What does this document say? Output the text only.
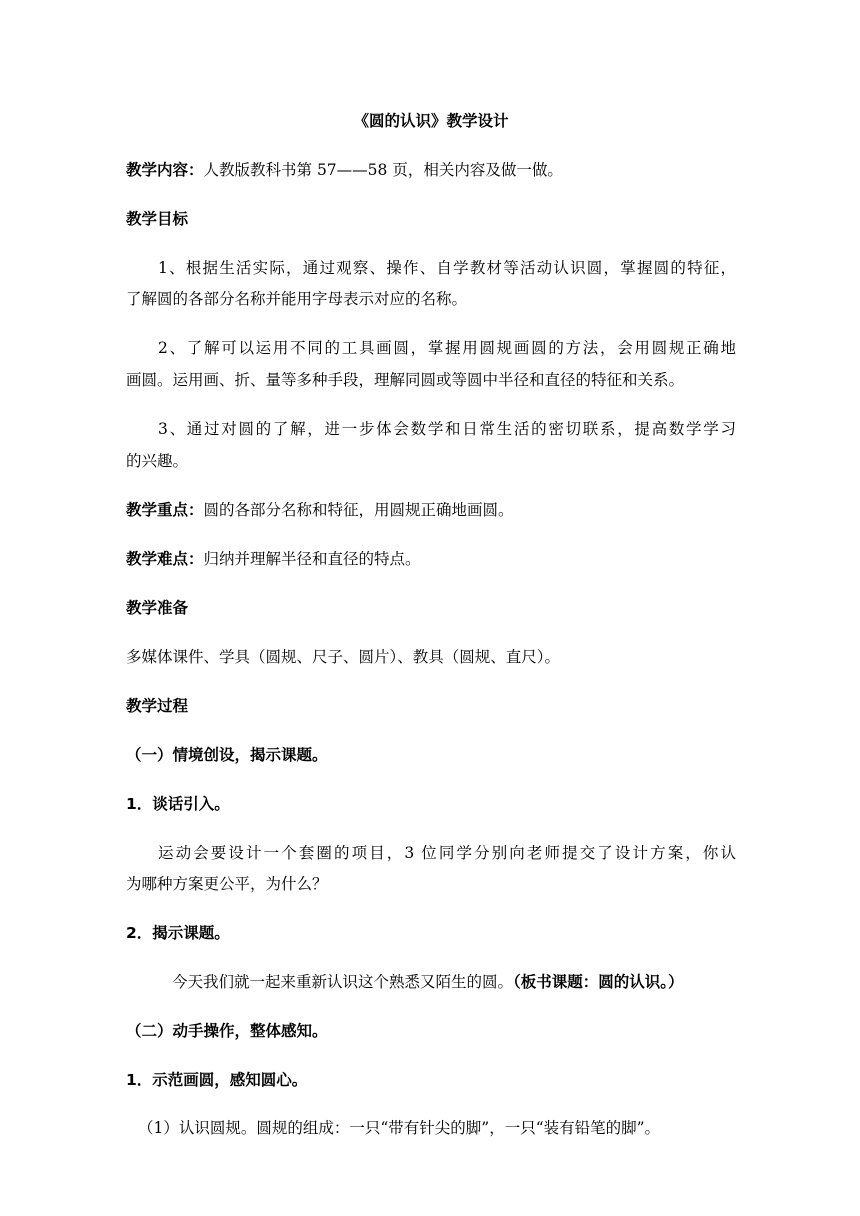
《圆的认识》教学设计
教学内容：人教版教科书第 57——58 页，相关内容及做一做。
教学目标
1、根据生活实际，通过观察、操作、自学教材等活动认识圆，掌握圆的特征，
了解圆的各部分名称并能用字母表示对应的名称。
2、了解可以运用不同的工具画圆，掌握用圆规画圆的方法，会用圆规正确地
画圆。运用画、折、量等多种手段，理解同圆或等圆中半径和直径的特征和关系。
3、通过对圆的了解，进一步体会数学和日常生活的密切联系，提高数学学习
的兴趣。
教学重点：圆的各部分名称和特征，用圆规正确地画圆。
教学难点：归纳并理解半径和直径的特点。
教学准备
多媒体课件、学具（圆规、尺子、圆片）、教具（圆规、直尺）。
教学过程
（一）情境创设，揭示课题。
1．谈话引入。
运动会要设计一个套圈的项目，3 位同学分别向老师提交了设计方案，你认
为哪种方案更公平，为什么？
2．揭示课题。
今天我们就一起来重新认识这个熟悉又陌生的圆。（板书课题：圆的认识。）
（二）动手操作，整体感知。
1．示范画圆，感知圆心。
（1）认识圆规。圆规的组成：一只“带有针尖的脚”，一只“装有铅笔的脚”。
